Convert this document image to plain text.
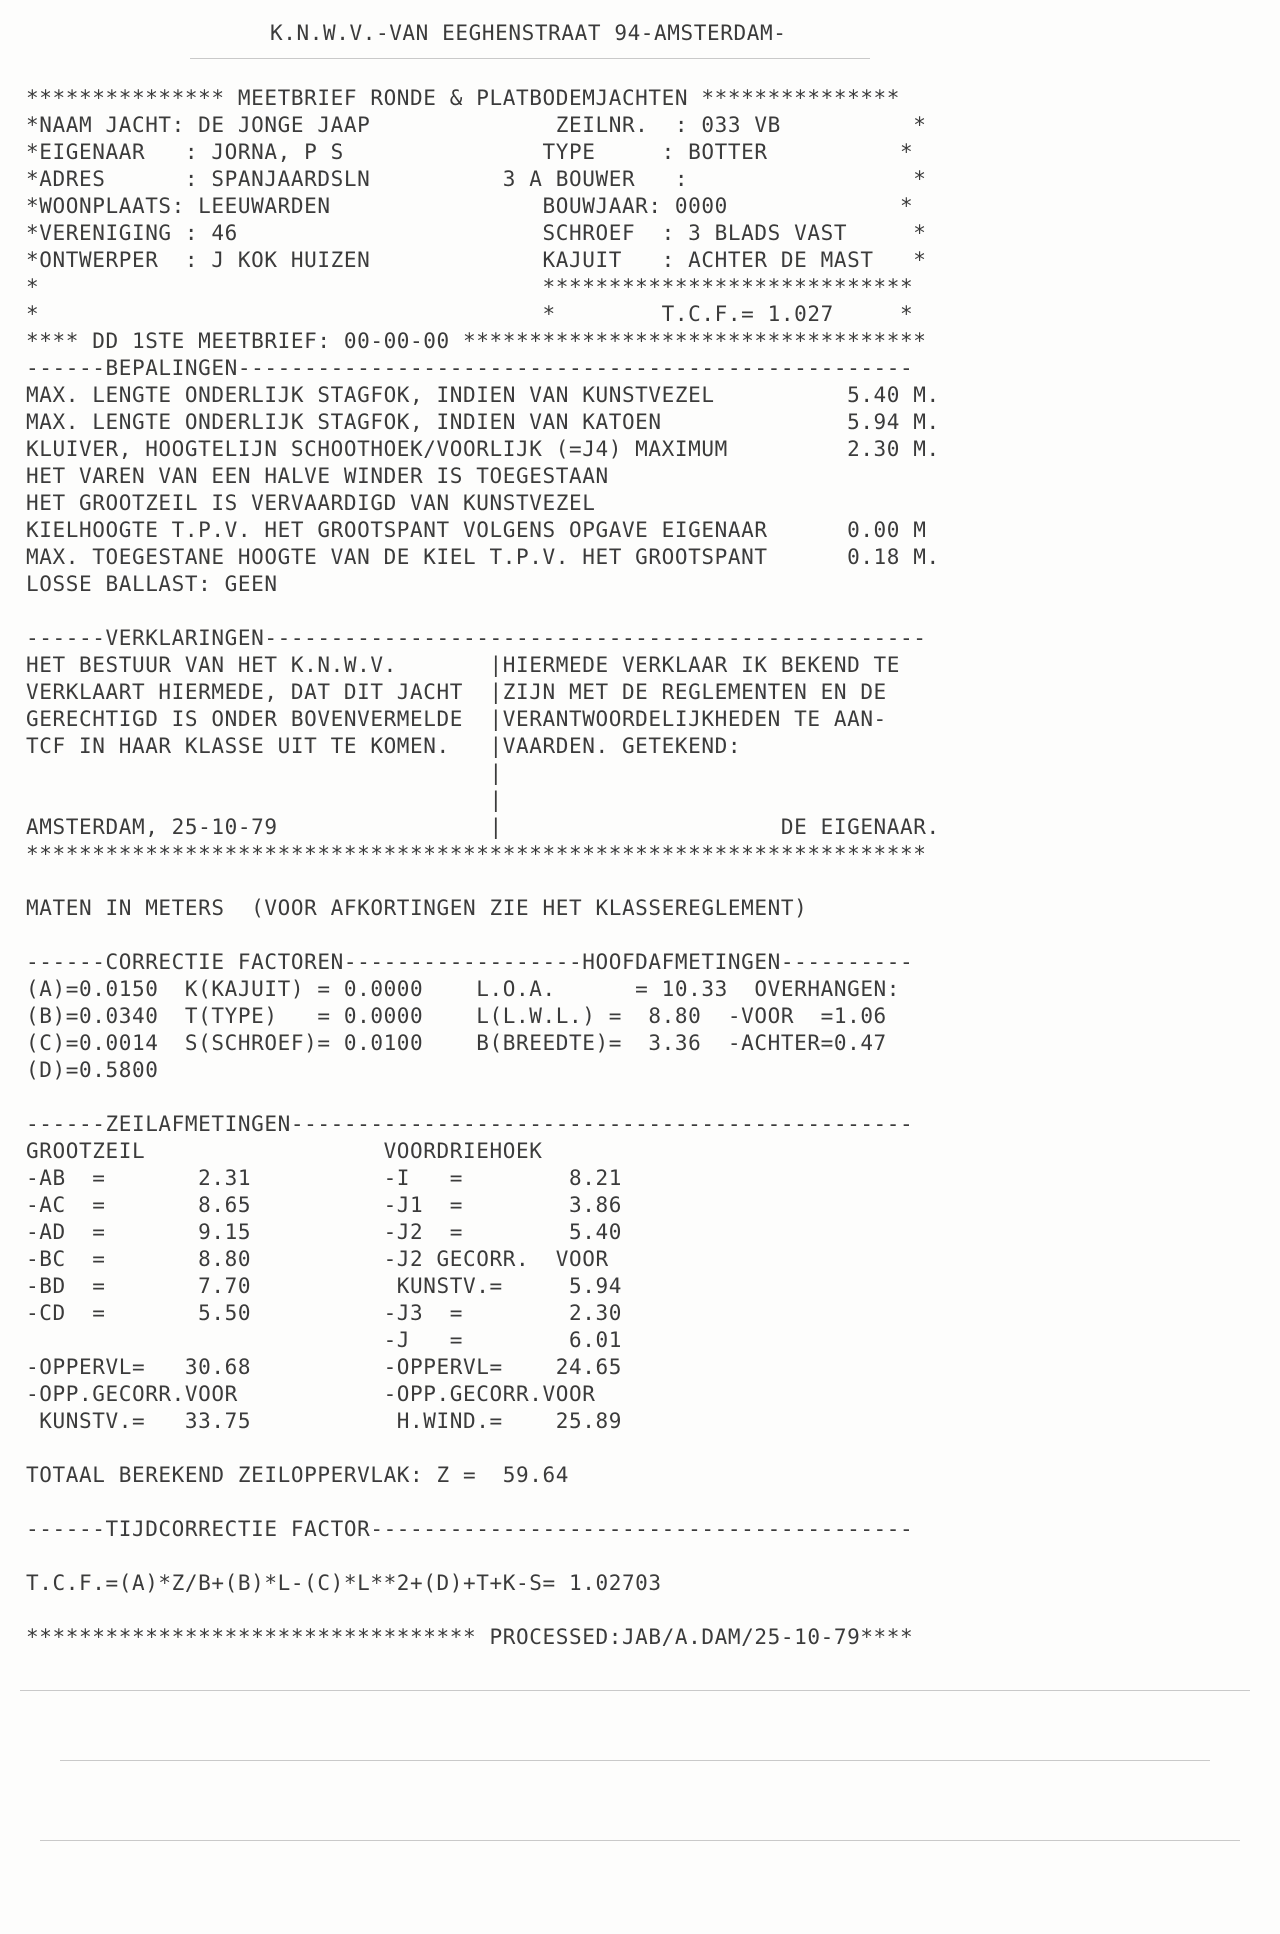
K.N.W.V.-VAN EEGHENSTRAAT 94-AMSTERDAM-
*************** MEETBRIEF RONDE & PLATBODEMJACHTEN ***************
*NAAM JACHT: DE JONGE JAAP              ZEILNR.  : 033 VB          *
*EIGENAAR   : JORNA, P S               TYPE     : BOTTER          *
*ADRES      : SPANJAARDSLN          3 A BOUWER   :                 *
*WOONPLAATS: LEEUWARDEN                BOUWJAAR: 0000             *
*VERENIGING : 46                       SCHROEF  : 3 BLADS VAST     *
*ONTWERPER  : J KOK HUIZEN             KAJUIT   : ACHTER DE MAST   *
*                                      ****************************
*                                      *        T.C.F.= 1.027     *
**** DD 1STE MEETBRIEF: 00-00-00 ***********************************
------BEPALINGEN---------------------------------------------------
MAX. LENGTE ONDERLIJK STAGFOK, INDIEN VAN KUNSTVEZEL          5.40 M.
MAX. LENGTE ONDERLIJK STAGFOK, INDIEN VAN KATOEN              5.94 M.
KLUIVER, HOOGTELIJN SCHOOTHOEK/VOORLIJK (=J4) MAXIMUM         2.30 M.
HET VAREN VAN EEN HALVE WINDER IS TOEGESTAAN
HET GROOTZEIL IS VERVAARDIGD VAN KUNSTVEZEL
KIELHOOGTE T.P.V. HET GROOTSPANT VOLGENS OPGAVE EIGENAAR      0.00 M
MAX. TOEGESTANE HOOGTE VAN DE KIEL T.P.V. HET GROOTSPANT      0.18 M.
LOSSE BALLAST: GEEN
------VERKLARINGEN--------------------------------------------------
HET BESTUUR VAN HET K.N.W.V.       |HIERMEDE VERKLAAR IK BEKEND TE
VERKLAART HIERMEDE, DAT DIT JACHT  |ZIJN MET DE REGLEMENTEN EN DE
GERECHTIGD IS ONDER BOVENVERMELDE  |VERANTWOORDELIJKHEDEN TE AAN-
TCF IN HAAR KLASSE UIT TE KOMEN.   |VAARDEN. GETEKEND:
|
|
AMSTERDAM, 25-10-79                |                     DE EIGENAAR.
********************************************************************
MATEN IN METERS  (VOOR AFKORTINGEN ZIE HET KLASSEREGLEMENT)
------CORRECTIE FACTOREN------------------HOOFDAFMETINGEN----------
(A)=0.0150  K(KAJUIT) = 0.0000    L.O.A.      = 10.33  OVERHANGEN:
(B)=0.0340  T(TYPE)   = 0.0000    L(L.W.L.) =  8.80  -VOOR  =1.06
(C)=0.0014  S(SCHROEF)= 0.0100    B(BREEDTE)=  3.36  -ACHTER=0.47
(D)=0.5800
------ZEILAFMETINGEN-----------------------------------------------
GROOTZEIL                  VOORDRIEHOEK
-AB  =       2.31          -I   =        8.21
-AC  =       8.65          -J1  =        3.86
-AD  =       9.15          -J2  =        5.40
-BC  =       8.80          -J2 GECORR.  VOOR
-BD  =       7.70           KUNSTV.=     5.94
-CD  =       5.50          -J3  =        2.30
-J   =        6.01
-OPPERVL=   30.68          -OPPERVL=    24.65
-OPP.GECORR.VOOR           -OPP.GECORR.VOOR
KUNSTV.=   33.75           H.WIND.=    25.89
TOTAAL BEREKEND ZEILOPPERVLAK: Z =  59.64
------TIJDCORRECTIE FACTOR-----------------------------------------
T.C.F.=(A)*Z/B+(B)*L-(C)*L**2+(D)+T+K-S= 1.02703
********************************** PROCESSED:JAB/A.DAM/25-10-79****
